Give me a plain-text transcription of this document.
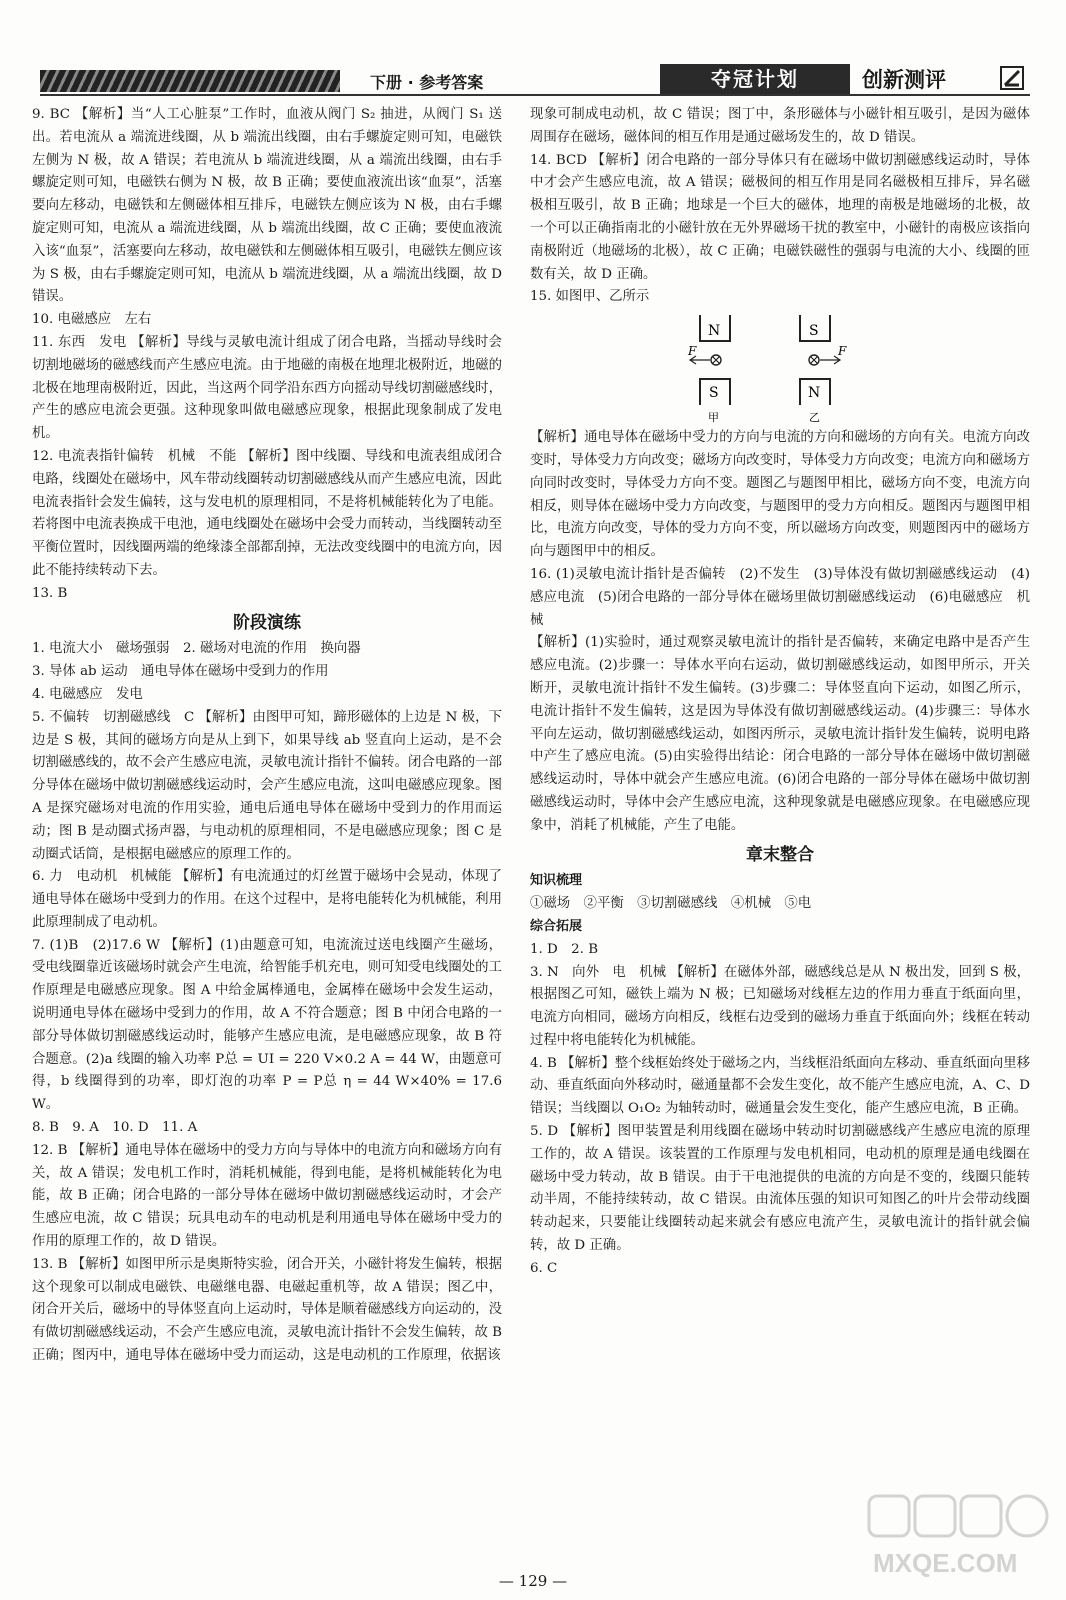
下册 · 参考答案	夺冠计划	创新测评

9. BC 【解析】当“人工心脏泵”工作时，血液从阀门 S₂ 抽进，从阀门 S₁ 送出。若电流从 a 端流进线圈，从 b 端流出线圈，由右手螺旋定则可知，电磁铁左侧为 N 极，故 A 错误；若电流从 b 端流进线圈，从 a 端流出线圈，由右手螺旋定则可知，电磁铁右侧为 N 极，故 B 正确；要使血液流出该“血泵”，活塞要向左移动，电磁铁和左侧磁体相互排斥，电磁铁左侧应该为 N 极，由右手螺旋定则可知，电流从 a 端流进线圈，从 b 端流出线圈，故 C 正确；要使血液流入该“血泵”，活塞要向左移动，故电磁铁和左侧磁体相互吸引，电磁铁左侧应该为 S 极，由右手螺旋定则可知，电流从 b 端流进线圈，从 a 端流出线圈，故 D 错误。

10. 电磁感应　左右

11. 东西　发电 【解析】导线与灵敏电流计组成了闭合电路，当摇动导线时会切割地磁场的磁感线而产生感应电流。由于地磁的南极在地理北极附近，地磁的北极在地理南极附近，因此，当这两个同学沿东西方向摇动导线切割磁感线时，产生的感应电流会更强。这种现象叫做电磁感应现象，根据此现象制成了发电机。

12. 电流表指针偏转　机械　不能 【解析】图中线圈、导线和电流表组成闭合电路，线圈处在磁场中，风车带动线圈转动切割磁感线从而产生感应电流，因此电流表指针会发生偏转，这与发电机的原理相同，不是将机械能转化为了电能。若将图中电流表换成干电池，通电线圈处在磁场中会受力而转动，当线圈转动至平衡位置时，因线圈两端的绝缘漆全部都刮掉，无法改变线圈中的电流方向，因此不能持续转动下去。

13. B

阶段演练

1. 电流大小　磁场强弱　2. 磁场对电流的作用　换向器

3. 导体 ab 运动　通电导体在磁场中受到力的作用

4. 电磁感应　发电

5. 不偏转　切割磁感线　C 【解析】由图甲可知，蹄形磁体的上边是 N 极，下边是 S 极，其间的磁场方向是从上到下，如果导线 ab 竖直向上运动，是不会切割磁感线的，故不会产生感应电流，灵敏电流计指针不偏转。闭合电路的一部分导体在磁场中做切割磁感线运动时，会产生感应电流，这叫电磁感应现象。图 A 是探究磁场对电流的作用实验，通电后通电导体在磁场中受到力的作用而运动；图 B 是动圈式扬声器，与电动机的原理相同，不是电磁感应现象；图 C 是动圈式话筒，是根据电磁感应的原理工作的。

6. 力　电动机　机械能 【解析】有电流通过的灯丝置于磁场中会晃动，体现了通电导体在磁场中受到力的作用。在这个过程中，是将电能转化为机械能，利用此原理制成了电动机。

7. (1)B　(2)17.6 W 【解析】(1)由题意可知，电流流过送电线圈产生磁场，受电线圈靠近该磁场时就会产生电流，给智能手机充电，则可知受电线圈处的工作原理是电磁感应现象。图 A 中给金属棒通电，金属棒在磁场中会发生运动，说明通电导体在磁场中受到力的作用，故 A 不符合题意；图 B 中闭合电路的一部分导体做切割磁感线运动时，能够产生感应电流，是电磁感应现象，故 B 符合题意。(2)a 线圈的输入功率 P总 = UI = 220 V×0.2 A = 44 W，由题意可得，b 线圈得到的功率，即灯泡的功率 P = P总 η = 44 W×40% = 17.6 W。

8. B　9. A　10. D　11. A

12. B 【解析】通电导体在磁场中的受力方向与导体中的电流方向和磁场方向有关，故 A 错误；发电机工作时，消耗机械能，得到电能，是将机械能转化为电能，故 B 正确；闭合电路的一部分导体在磁场中做切割磁感线运动时，才会产生感应电流，故 C 错误；玩具电动车的电动机是利用通电导体在磁场中受力的作用的原理工作的，故 D 错误。

13. B 【解析】如图甲所示是奥斯特实验，闭合开关，小磁针将发生偏转，根据这个现象可以制成电磁铁、电磁继电器、电磁起重机等，故 A 错误；图乙中，闭合开关后，磁场中的导体竖直向上运动时，导体是顺着磁感线方向运动的，没有做切割磁感线运动，不会产生感应电流，灵敏电流计指针不会发生偏转，故 B 正确；图丙中，通电导体在磁场中受力而运动，这是电动机的工作原理，依据该

现象可制成电动机，故 C 错误；图丁中，条形磁体与小磁针相互吸引，是因为磁体周围存在磁场，磁体间的相互作用是通过磁场发生的，故 D 错误。

14. BCD 【解析】闭合电路的一部分导体只有在磁场中做切割磁感线运动时，导体中才会产生感应电流，故 A 错误；磁极间的相互作用是同名磁极相互排斥，异名磁极相互吸引，故 B 正确；地球是一个巨大的磁体，地理的南极是地磁场的北极，故一个可以正确指南北的小磁针放在无外界磁场干扰的教室中，小磁针的南极应该指向南极附近（地磁场的北极），故 C 正确；电磁铁磁性的强弱与电流的大小、线圈的匝数有关，故 D 正确。

15. 如图甲、乙所示

N
F
S
甲
S
F
N
乙

【解析】通电导体在磁场中受力的方向与电流的方向和磁场的方向有关。电流方向改变时，导体受力方向改变；磁场方向改变时，导体受力方向改变；电流方向和磁场方向同时改变时，导体受力方向不变。题图乙与题图甲相比，磁场方向不变，电流方向相反，则导体在磁场中受力方向改变，与题图甲的受力方向相反。题图丙与题图甲相比，电流方向改变，导体的受力方向不变，所以磁场方向改变，则题图丙中的磁场方向与题图甲中的相反。

16. (1)灵敏电流计指针是否偏转　(2)不发生　(3)导体没有做切割磁感线运动　(4)感应电流　(5)闭合电路的一部分导体在磁场里做切割磁感线运动　(6)电磁感应　机械

【解析】(1)实验时，通过观察灵敏电流计的指针是否偏转，来确定电路中是否产生感应电流。(2)步骤一：导体水平向右运动，做切割磁感线运动，如图甲所示，开关断开，灵敏电流计指针不发生偏转。(3)步骤二：导体竖直向下运动，如图乙所示，电流计指针不发生偏转，这是因为导体没有做切割磁感线运动。(4)步骤三：导体水平向左运动，做切割磁感线运动，如图丙所示，灵敏电流计指针发生偏转，说明电路中产生了感应电流。(5)由实验得出结论：闭合电路的一部分导体在磁场中做切割磁感线运动时，导体中就会产生感应电流。(6)闭合电路的一部分导体在磁场中做切割磁感线运动时，导体中会产生感应电流，这种现象就是电磁感应现象。在电磁感应现象中，消耗了机械能，产生了电能。

章末整合
知识梳理

①磁场　②平衡　③切割磁感线　④机械　⑤电

综合拓展

1. D　2. B

3. N　向外　电　机械 【解析】在磁体外部，磁感线总是从 N 极出发，回到 S 极，根据图乙可知，磁铁上端为 N 极；已知磁场对线框左边的作用力垂直于纸面向里，电流方向相同，磁场方向相反，线框右边受到的磁场力垂直于纸面向外；线框在转动过程中将电能转化为机械能。

4. B 【解析】整个线框始终处于磁场之内，当线框沿纸面向左移动、垂直纸面向里移动、垂直纸面向外移动时，磁通量都不会发生变化，故不能产生感应电流，A、C、D 错误；当线圈以 O₁O₂ 为轴转动时，磁通量会发生变化，能产生感应电流，B 正确。

5. D 【解析】图甲装置是利用线圈在磁场中转动时切割磁感线产生感应电流的原理工作的，故 A 错误。该装置的工作原理与发电机相同，电动机的原理是通电线圈在磁场中受力转动，故 B 错误。由于干电池提供的电流的方向是不变的，线圈只能转动半周，不能持续转动，故 C 错误。由流体压强的知识可知图乙的叶片会带动线圈转动起来，只要能让线圈转动起来就会有感应电流产生，灵敏电流计的指针就会偏转，故 D 正确。

6. C

— 129 —
MXQE.COM
